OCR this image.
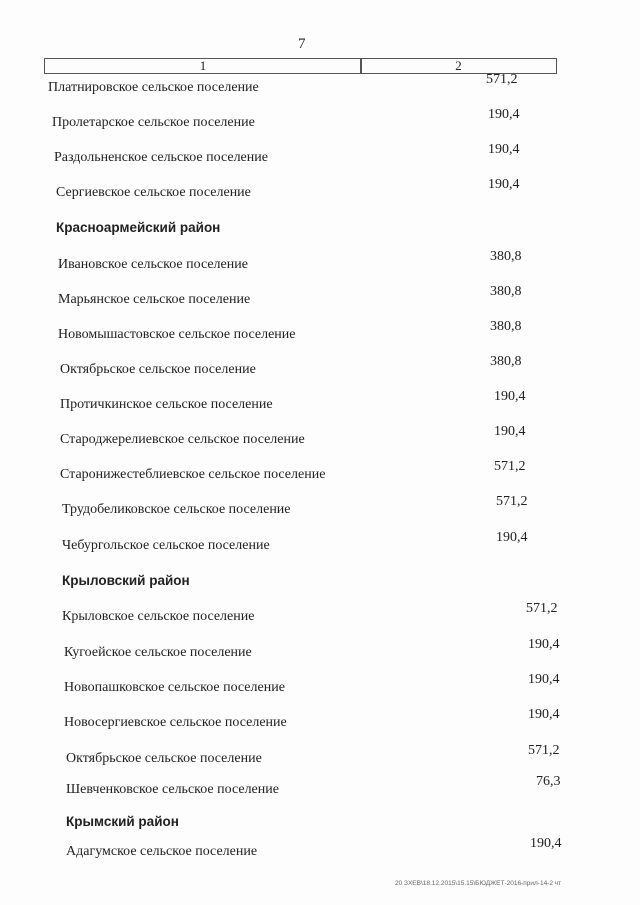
7
1	2
Платнировское сельское поселение
571,2
Пролетарское сельское поселение
190,4
Раздольненское сельское поселение
190,4
Сергиевское сельское поселение
190,4
Красноармейский район
Ивановское сельское поселение
380,8
Марьянское сельское поселение
380,8
Новомышастовское сельское поселение
380,8
Октябрьское сельское поселение
380,8
Протичкинское сельское поселение
190,4
Староджерелиевское сельское поселение
190,4
Старонижестеблиевское сельское поселение
571,2
Трудобеликовское сельское поселение
571,2
Чебургольское сельское поселение
190,4
Крыловский район
Крыловское сельское поселение
571,2
Кугоейское сельское поселение
190,4
Новопашковское сельское поселение
190,4
Новосергиевское сельское поселение
190,4
Октябрьское сельское поселение
571,2
Шевченковское сельское поселение
76,3
Крымский район
Адагумское сельское поселение
190,4
20 ЗХЕВ\18.12.2015\15.15\БЮДЖЕТ-2016-прил-14-2 чт
